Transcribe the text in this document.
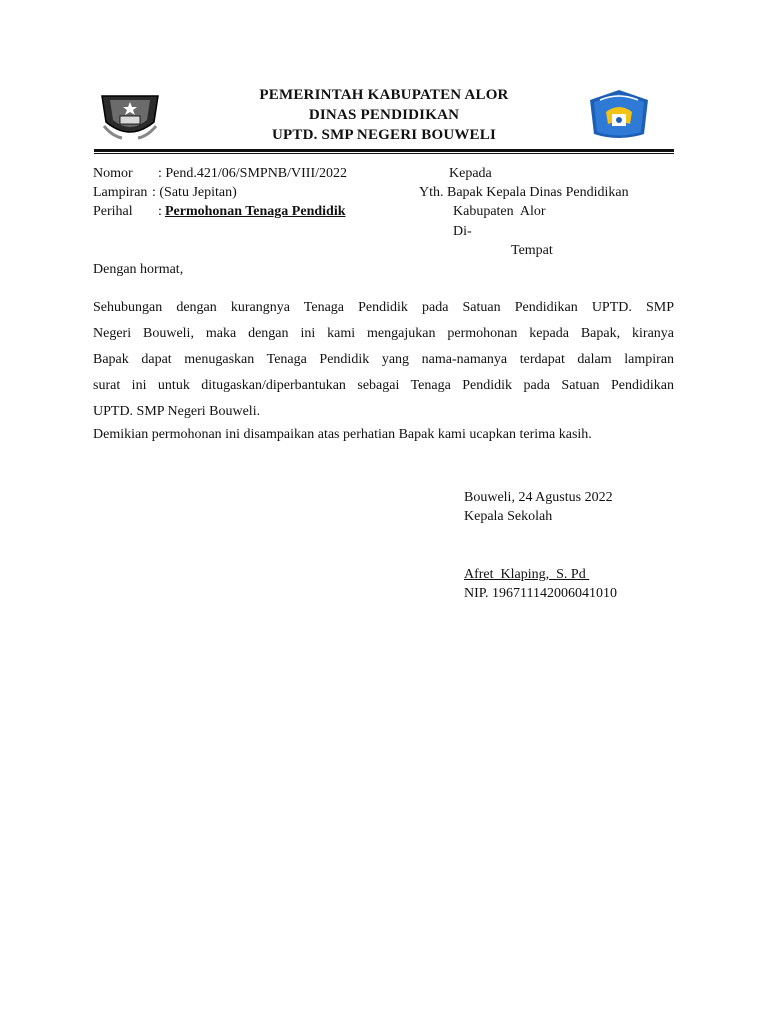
PEMERINTAH KABUPATEN ALOR
DINAS PENDIDIKAN
UPTD. SMP NEGERI BOUWELI
Nomor : Pend.421/06/SMPNB/VIII/2022
Lampiran : (Satu Jepitan)
Perihal : Permohonan Tenaga Pendidik
Kepada
Yth. Bapak Kepala Dinas Pendidikan
Kabupaten  Alor
Di-
Tempat
Dengan hormat,
Sehubungan dengan kurangnya Tenaga Pendidik pada Satuan Pendidikan UPTD. SMP
Negeri Bouweli, maka dengan ini kami mengajukan permohonan kepada Bapak, kiranya
Bapak dapat menugaskan Tenaga Pendidik yang nama-namanya terdapat dalam lampiran
surat ini untuk ditugaskan/diperbantukan sebagai Tenaga Pendidik pada Satuan Pendidikan
UPTD. SMP Negeri Bouweli.
Demikian permohonan ini disampaikan atas perhatian Bapak kami ucapkan terima kasih.
Bouweli, 24 Agustus 2022
Kepala Sekolah
Afret  Klaping,  S. Pd
NIP. 196711142006041010
